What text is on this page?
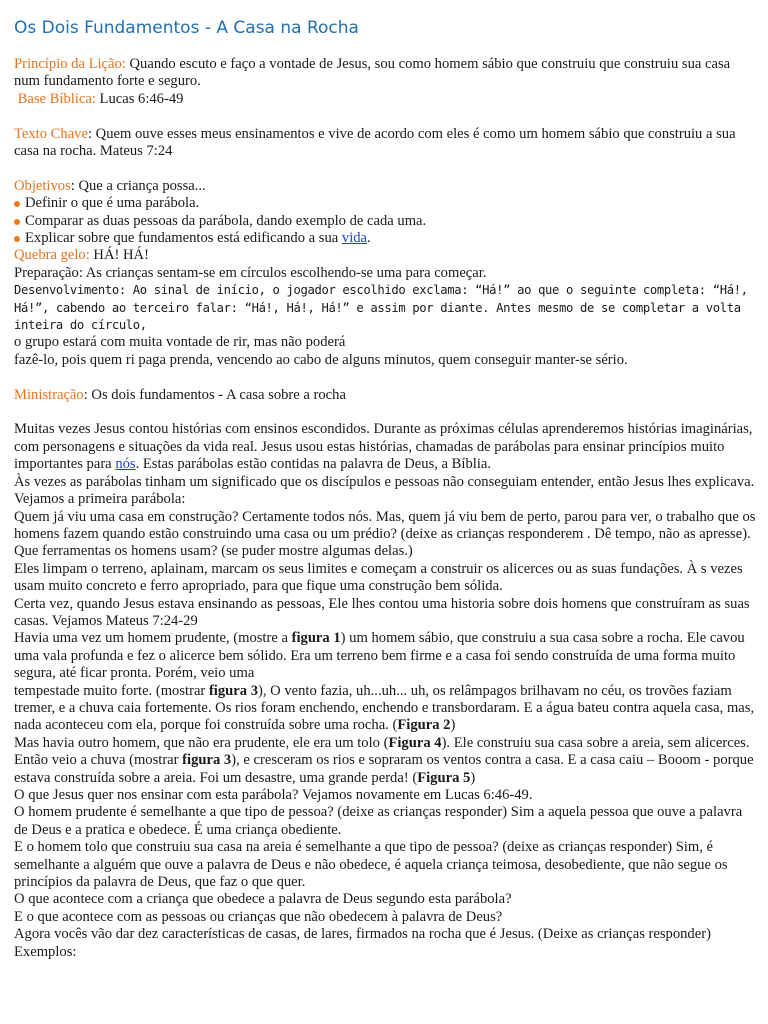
Os Dois Fundamentos - A Casa na Rocha

Princípio da Lição: Quando escuto e faço a vontade de Jesus, sou como homem sábio que construiu que construiu sua casa num fundamento forte e seguro.

Base Bíblica: Lucas 6:46-49

Texto Chave: Quem ouve esses meus ensinamentos e vive de acordo com eles é como um homem sábio que construiu a sua casa na rocha. Mateus 7:24

Objetivos: Que a criança possa...

Definir o que é uma parábola.
Comparar as duas pessoas da parábola, dando exemplo de cada uma.
Explicar sobre que fundamentos está edificando a sua vida.

Quebra gelo: HÁ! HÁ!

Preparação: As crianças sentam-se em círculos escolhendo-se uma para começar.

Desenvolvimento: Ao sinal de início, o jogador escolhido exclama: “Há!” ao que o seguinte completa: “Há!, Há!”, cabendo ao terceiro falar: “Há!, Há!, Há!” e assim por diante. Antes mesmo de se completar a volta inteira do círculo,

o grupo estará com muita vontade de rir, mas não poderá

fazê-lo, pois quem ri paga prenda, vencendo ao cabo de alguns minutos, quem conseguir manter-se sério.

Ministração: Os dois fundamentos - A casa sobre a rocha

Muitas vezes Jesus contou histórias com ensinos escondidos. Durante as próximas células aprenderemos histórias imaginárias, com personagens e situações da vida real. Jesus usou estas histórias, chamadas de parábolas para ensinar princípios muito importantes para nós. Estas parábolas estão contidas na palavra de Deus, a Bíblia.

Às vezes as parábolas tinham um significado que os discípulos e pessoas não conseguiam entender, então Jesus lhes explicava. Vejamos a primeira parábola:

Quem já viu uma casa em construção? Certamente todos nós. Mas, quem já viu bem de perto, parou para ver, o trabalho que os homens fazem quando estão construindo uma casa ou um prédio? (deixe as crianças responderem . Dê tempo, não as apresse).

Que ferramentas os homens usam? (se puder mostre algumas delas.)

Eles limpam o terreno, aplainam, marcam os seus limites e começam a construir os alicerces ou as suas fundações. À s vezes usam muito concreto e ferro apropriado, para que fique uma construção bem sólida.

Certa vez, quando Jesus estava ensinando as pessoas, Ele lhes contou uma historia sobre dois homens que construíram as suas casas. Vejamos Mateus 7:24-29

Havia uma vez um homem prudente, (mostre a figura 1) um homem sábio, que construiu a sua casa sobre a rocha. Ele cavou uma vala profunda e fez o alicerce bem sólido. Era um terreno bem firme e a casa foi sendo construída de uma forma muito segura, até ficar pronta. Porém, veio uma

tempestade muito forte. (mostrar figura 3), O vento fazia, uh...uh... uh, os relâmpagos brilhavam no céu, os trovões faziam tremer, e a chuva caia fortemente. Os rios foram enchendo, enchendo e transbordaram. E a água bateu contra aquela casa, mas, nada aconteceu com ela, porque foi construída sobre uma rocha. (Figura 2)

Mas havia outro homem, que não era prudente, ele era um tolo (Figura 4). Ele construiu sua casa sobre a areia, sem alicerces. Então veio a chuva (mostrar figura 3), e cresceram os rios e sopraram os ventos contra a casa. E a casa caiu – Booom - porque estava construída sobre a areia. Foi um desastre, uma grande perda! (Figura 5)

O que Jesus quer nos ensinar com esta parábola? Vejamos novamente em Lucas 6:46-49.

O homem prudente é semelhante a que tipo de pessoa? (deixe as crianças responder) Sim a aquela pessoa que ouve a palavra de Deus e a pratica e obedece. É uma criança obediente.

E o homem tolo que construiu sua casa na areia é semelhante a que tipo de pessoa? (deixe as crianças responder) Sim, é semelhante a alguém que ouve a palavra de Deus e não obedece, é aquela criança teimosa, desobediente, que não segue os princípios da palavra de Deus, que faz o que quer.

O que acontece com a criança que obedece a palavra de Deus segundo esta parábola?

E o que acontece com as pessoas ou crianças que não obedecem à palavra de Deus?

Agora vocês vão dar dez características de casas, de lares, firmados na rocha que é Jesus. (Deixe as crianças responder)

Exemplos:
